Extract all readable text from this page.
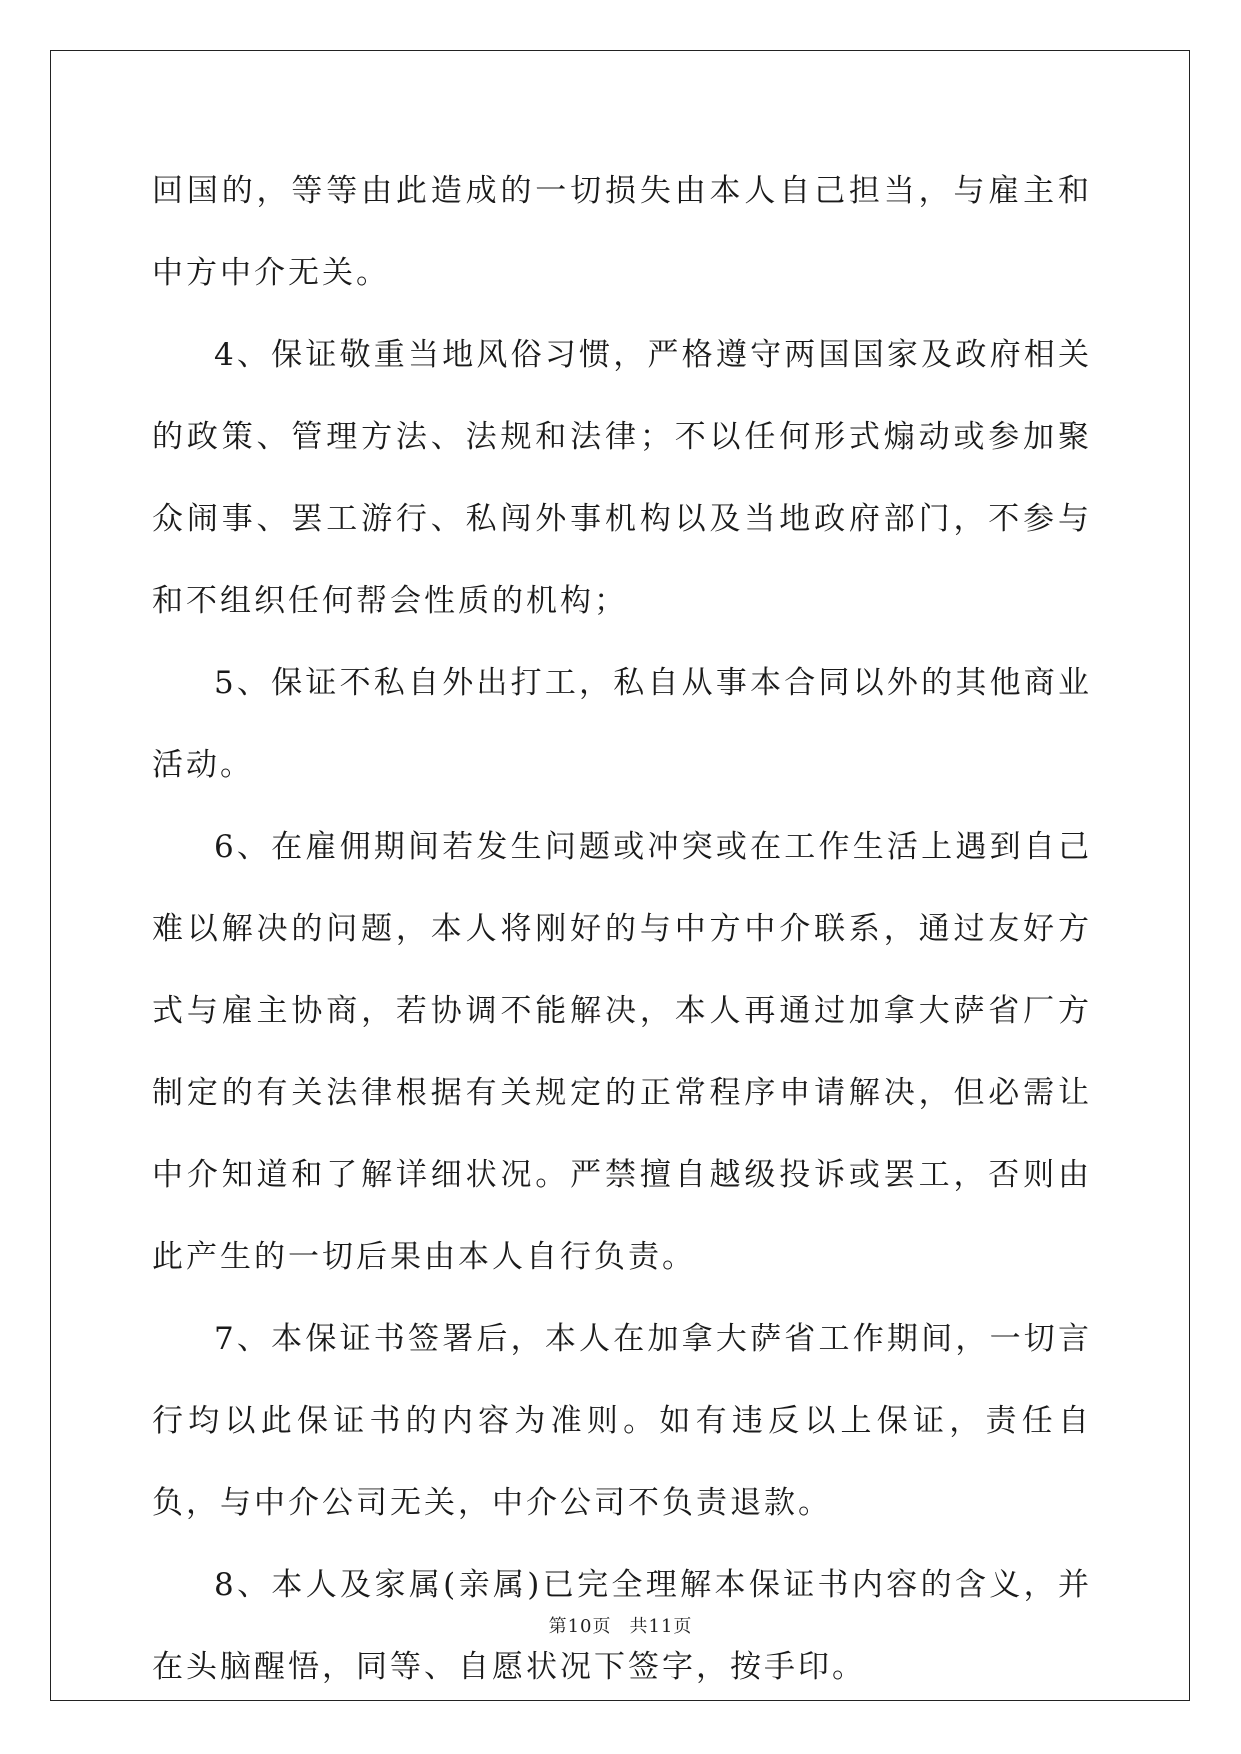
回国的，等等由此造成的一切损失由本人自己担当，与雇主和中方中介无关。

4、保证敬重当地风俗习惯，严格遵守两国国家及政府相关的政策、管理方法、法规和法律；不以任何形式煽动或参加聚众闹事、罢工游行、私闯外事机构以及当地政府部门，不参与和不组织任何帮会性质的机构；

5、保证不私自外出打工，私自从事本合同以外的其他商业活动。

6、在雇佣期间若发生问题或冲突或在工作生活上遇到自己难以解决的问题，本人将刚好的与中方中介联系，通过友好方式与雇主协商，若协调不能解决，本人再通过加拿大萨省厂方制定的有关法律根据有关规定的正常程序申请解决，但必需让中介知道和了解详细状况。严禁擅自越级投诉或罢工，否则由此产生的一切后果由本人自行负责。

7、本保证书签署后，本人在加拿大萨省工作期间，一切言行均以此保证书的内容为准则。如有违反以上保证，责任自负，与中介公司无关，中介公司不负责退款。

8、本人及家属(亲属)已完全理解本保证书内容的含义，并在头脑醒悟，同等、自愿状况下签字，按手印。

第10页 共11页
